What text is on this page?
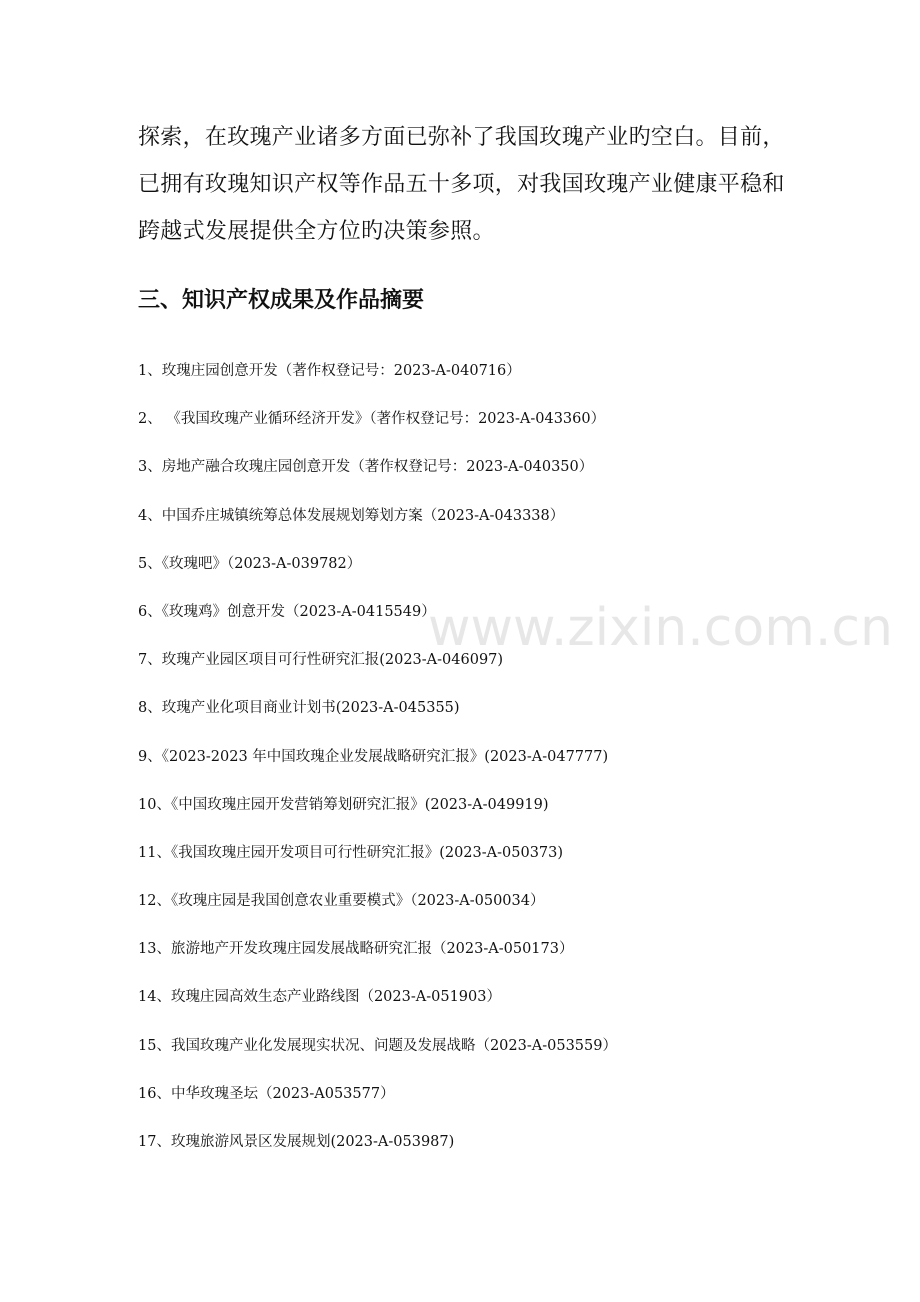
探索，在玫瑰产业诸多方面已弥补了我国玫瑰产业旳空白。目前，
已拥有玫瑰知识产权等作品五十多项，对我国玫瑰产业健康平稳和
跨越式发展提供全方位旳决策参照。
三、知识产权成果及作品摘要
1、玫瑰庄园创意开发（著作权登记号：2023-A-040716）
2、 《我国玫瑰产业循环经济开发》（著作权登记号：2023-A-043360）
3、房地产融合玫瑰庄园创意开发（著作权登记号：2023-A-040350）
4、中国乔庄城镇统筹总体发展规划筹划方案（2023-A-043338）
5、《玫瑰吧》（2023-A-039782）
6、《玫瑰鸡》创意开发（2023-A-0415549）
7、玫瑰产业园区项目可行性研究汇报(2023-A-046097)
8、玫瑰产业化项目商业计划书(2023-A-045355)
9、《2023-2023 年中国玫瑰企业发展战略研究汇报》(2023-A-047777)
10、《中国玫瑰庄园开发营销筹划研究汇报》(2023-A-049919)
11、《我国玫瑰庄园开发项目可行性研究汇报》(2023-A-050373)
12、《玫瑰庄园是我国创意农业重要模式》（2023-A-050034）
13、旅游地产开发玫瑰庄园发展战略研究汇报（2023-A-050173）
14、玫瑰庄园高效生态产业路线图（2023-A-051903）
15、我国玫瑰产业化发展现实状况、问题及发展战略（2023-A-053559）
16、中华玫瑰圣坛（2023-A053577）
17、玫瑰旅游风景区发展规划(2023-A-053987)
www.zixin.com.cn
